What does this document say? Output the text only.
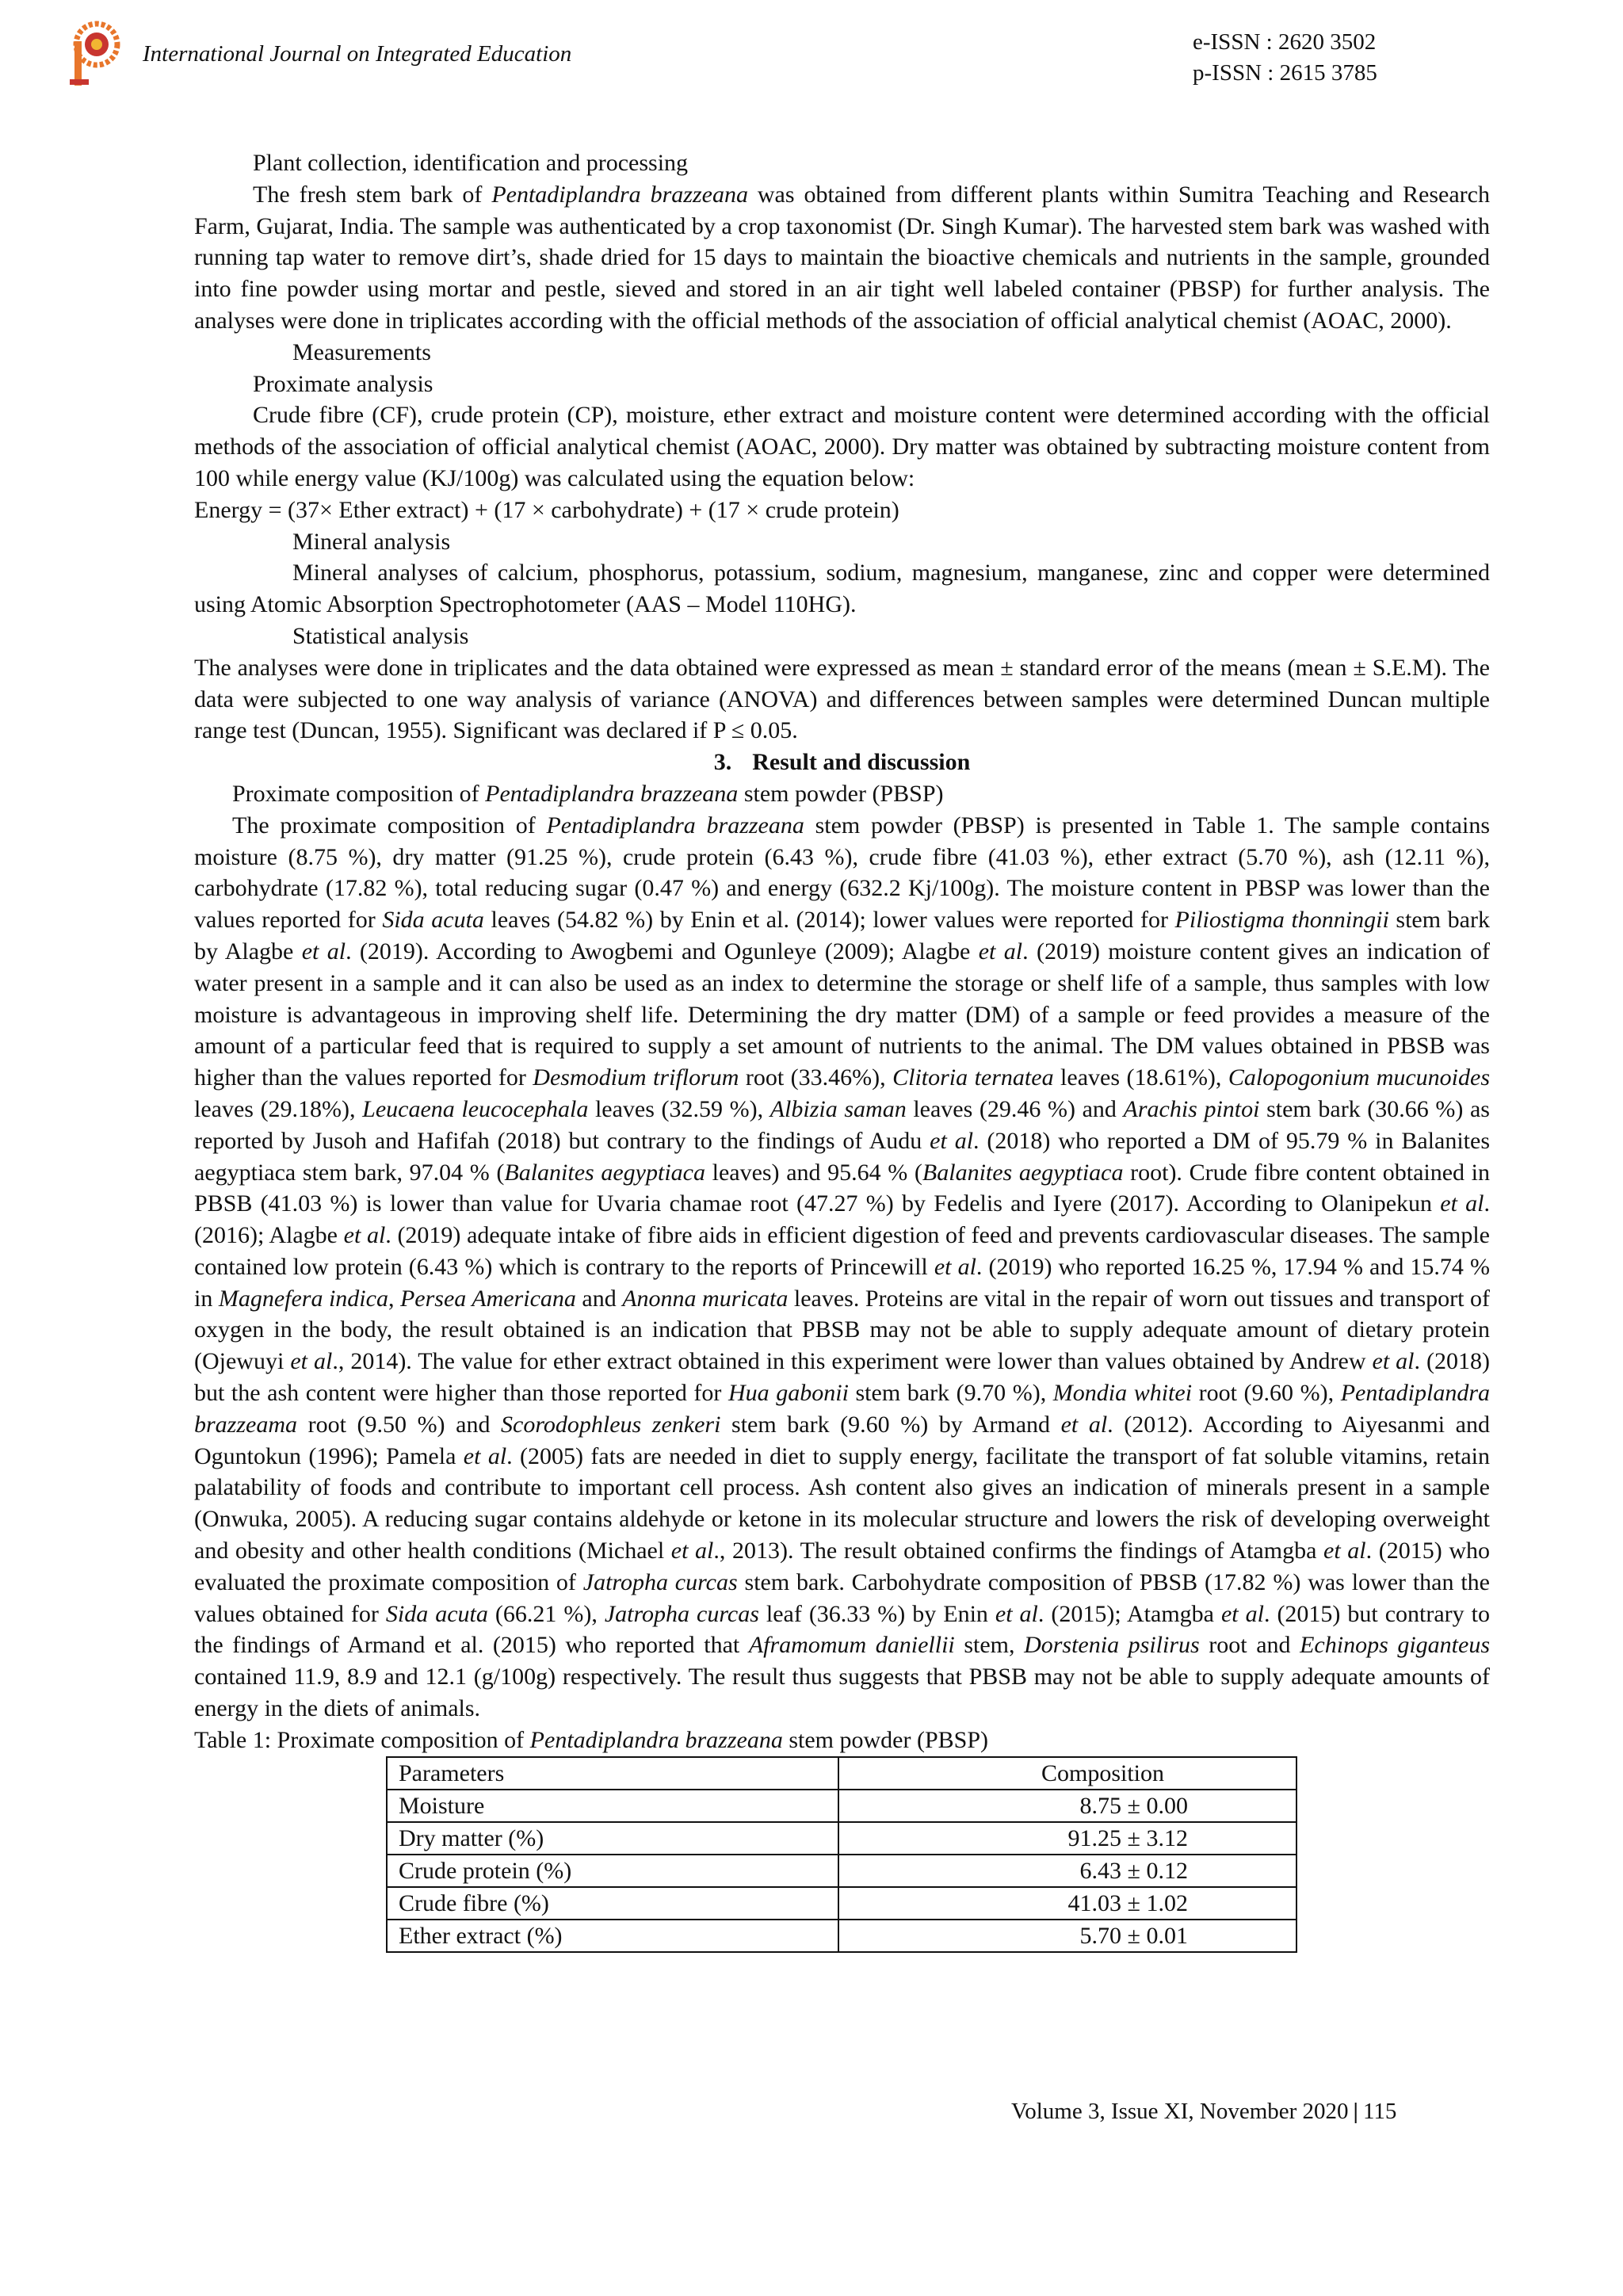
International Journal on Integrated Education	e-ISSN : 2620 3502
p-ISSN : 2615 3785

Plant collection, identification and processing

The fresh stem bark of Pentadiplandra brazzeana was obtained from different plants within Sumitra Teaching and Research Farm, Gujarat, India. The sample was authenticated by a crop taxonomist (Dr. Singh Kumar). The harvested stem bark was washed with running tap water to remove dirt’s, shade dried for 15 days to maintain the bioactive chemicals and nutrients in the sample, grounded into fine powder using mortar and pestle, sieved and stored in an air tight well labeled container (PBSP) for further analysis. The analyses were done in triplicates according with the official methods of the association of official analytical chemist (AOAC, 2000).

Measurements

Proximate analysis

Crude fibre (CF), crude protein (CP), moisture, ether extract and moisture content were determined according with the official methods of the association of official analytical chemist (AOAC, 2000). Dry matter was obtained by subtracting moisture content from 100 while energy value (KJ/100g) was calculated using the equation below:

Energy = (37× Ether extract) + (17 × carbohydrate) + (17 × crude protein)

Mineral analysis

Mineral analyses of calcium, phosphorus, potassium, sodium, magnesium, manganese, zinc and copper were determined using Atomic Absorption Spectrophotometer (AAS – Model 110HG).

Statistical analysis

The analyses were done in triplicates and the data obtained were expressed as mean ± standard error of the means (mean ± S.E.M). The data were subjected to one way analysis of variance (ANOVA) and differences between samples were determined Duncan multiple range test (Duncan, 1955). Significant was declared if P ≤ 0.05.

3. Result and discussion

Proximate composition of Pentadiplandra brazzeana stem powder (PBSP)

The proximate composition of Pentadiplandra brazzeana stem powder (PBSP) is presented in Table 1. The sample contains moisture (8.75 %), dry matter (91.25 %), crude protein (6.43 %), crude fibre (41.03 %), ether extract (5.70 %), ash (12.11 %), carbohydrate (17.82 %), total reducing sugar (0.47 %) and energy (632.2 Kj/100g). The moisture content in PBSP was lower than the values reported for Sida acuta leaves (54.82 %) by Enin et al. (2014); lower values were reported for Piliostigma thonningii stem bark by Alagbe et al. (2019). According to Awogbemi and Ogunleye (2009); Alagbe et al. (2019) moisture content gives an indication of water present in a sample and it can also be used as an index to determine the storage or shelf life of a sample, thus samples with low moisture is advantageous in improving shelf life. Determining the dry matter (DM) of a sample or feed provides a measure of the amount of a particular feed that is required to supply a set amount of nutrients to the animal. The DM values obtained in PBSB was higher than the values reported for Desmodium triflorum root (33.46%), Clitoria ternatea leaves (18.61%), Calopogonium mucunoides leaves (29.18%), Leucaena leucocephala leaves (32.59 %), Albizia saman leaves (29.46 %) and Arachis pintoi stem bark (30.66 %) as reported by Jusoh and Hafifah (2018) but contrary to the findings of Audu et al. (2018) who reported a DM of 95.79 % in Balanites aegyptiaca stem bark, 97.04 % (Balanites aegyptiaca leaves) and 95.64 % (Balanites aegyptiaca root). Crude fibre content obtained in PBSB (41.03 %) is lower than value for Uvaria chamae root (47.27 %) by Fedelis and Iyere (2017). According to Olanipekun et al. (2016); Alagbe et al. (2019) adequate intake of fibre aids in efficient digestion of feed and prevents cardiovascular diseases. The sample contained low protein (6.43 %) which is contrary to the reports of Princewill et al. (2019) who reported 16.25 %, 17.94 % and 15.74 % in Magnefera indica, Persea Americana and Anonna muricata leaves. Proteins are vital in the repair of worn out tissues and transport of oxygen in the body, the result obtained is an indication that PBSB may not be able to supply adequate amount of dietary protein (Ojewuyi et al., 2014). The value for ether extract obtained in this experiment were lower than values obtained by Andrew et al. (2018) but the ash content were higher than those reported for Hua gabonii stem bark (9.70 %), Mondia whitei root (9.60 %), Pentadiplandra brazzeama root (9.50 %) and Scorodophleus zenkeri stem bark (9.60 %) by Armand et al. (2012). According to Aiyesanmi and Oguntokun (1996); Pamela et al. (2005) fats are needed in diet to supply energy, facilitate the transport of fat soluble vitamins, retain palatability of foods and contribute to important cell process. Ash content also gives an indication of minerals present in a sample (Onwuka, 2005). A reducing sugar contains aldehyde or ketone in its molecular structure and lowers the risk of developing overweight and obesity and other health conditions (Michael et al., 2013). The result obtained confirms the findings of Atamgba et al. (2015) who evaluated the proximate composition of Jatropha curcas stem bark. Carbohydrate composition of PBSB (17.82 %) was lower than the values obtained for Sida acuta (66.21 %), Jatropha curcas leaf (36.33 %) by Enin et al. (2015); Atamgba et al. (2015) but contrary to the findings of Armand et al. (2015) who reported that Aframomum daniellii stem, Dorstenia psilirus root and Echinops giganteus contained 11.9, 8.9 and 12.1 (g/100g) respectively. The result thus suggests that PBSB may not be able to supply adequate amounts of energy in the diets of animals.

Table 1: Proximate composition of Pentadiplandra brazzeana stem powder (PBSP)

Parameters	Composition
Moisture	8.75 ± 0.00
Dry matter (%)	91.25 ± 3.12
Crude protein (%)	6.43 ± 0.12
Crude fibre (%)	41.03 ± 1.02
Ether extract (%)	5.70 ± 0.01
Volume 3, Issue XI, November 2020 | 115
